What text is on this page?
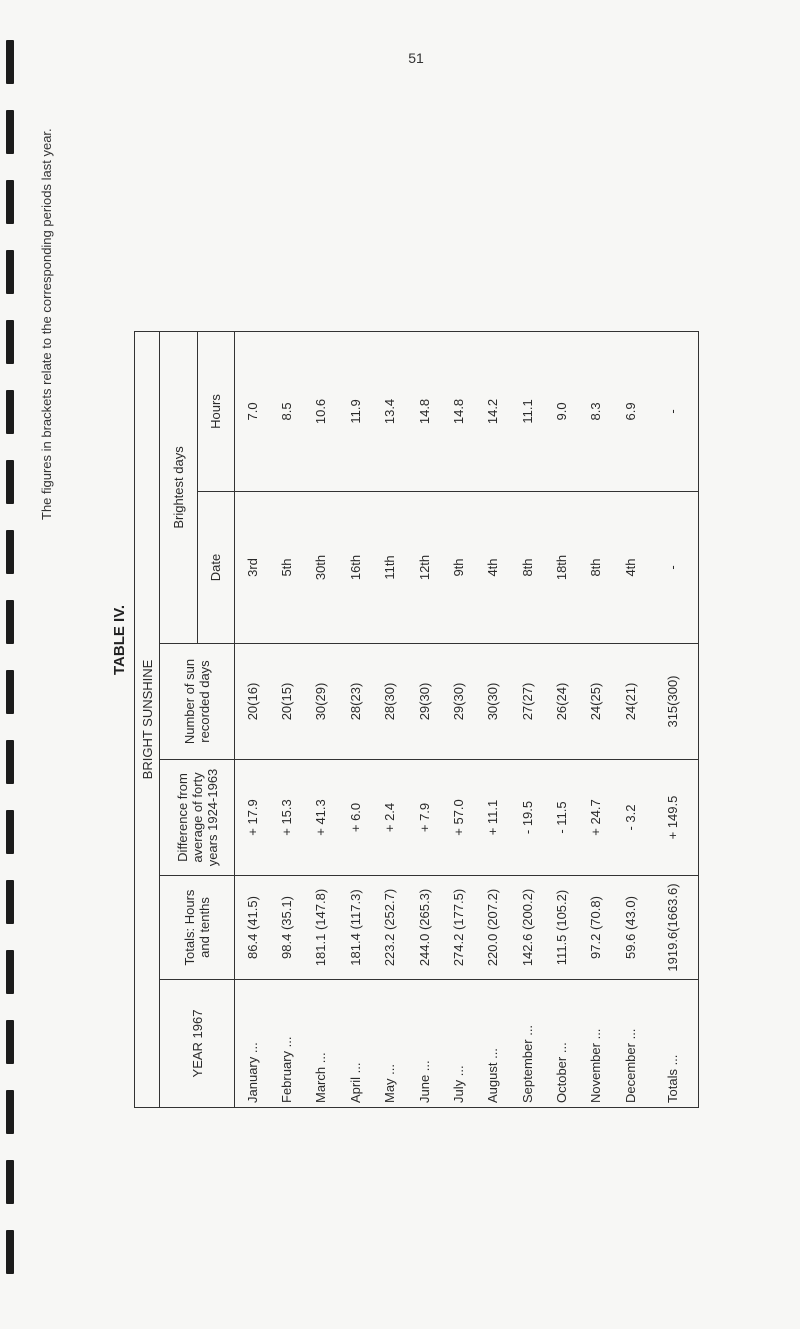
51
TABLE IV.
The figures in brackets relate to the corresponding periods last year.
BRIGHT SUNSHINE					
YEAR 1967	Totals: Hours and tenths	Difference from average of forty years 1924-1963	Number of sun recorded days	Brightest days	
				Date	Hours
January ...	86.4 (41.5)	+ 17.9	20(16)	3rd	7.0
February ...	98.4 (35.1)	+ 15.3	20(15)	5th	8.5
March ...	181.1 (147.8)	+ 41.3	30(29)	30th	10.6
April ...	181.4 (117.3)	+ 6.0	28(23)	16th	11.9
May ...	223.2 (252.7)	+ 2.4	28(30)	11th	13.4
June ...	244.0 (265.3)	+ 7.9	29(30)	12th	14.8
July ...	274.2 (177.5)	+ 57.0	29(30)	9th	14.8
August ...	220.0 (207.2)	+ 11.1	30(30)	4th	14.2
September ...	142.6 (200.2)	- 19.5	27(27)	8th	11.1
October ...	111.5 (105.2)	- 11.5	26(24)	18th	9.0
November ...	97.2 (70.8)	+ 24.7	24(25)	8th	8.3
December ...	59.6 (43.0)	- 3.2	24(21)	4th	6.9
Totals ...	1919.6(1663.6)	+ 149.5	315(300)	-	-
